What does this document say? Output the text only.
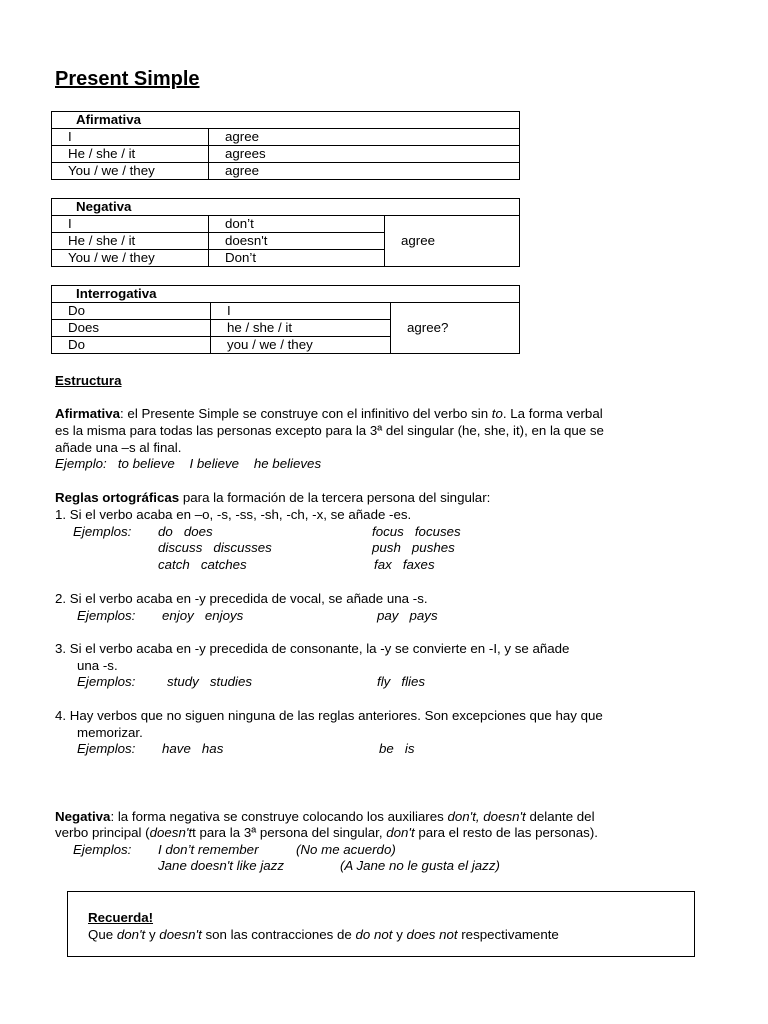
Present Simple
Afirmativa	
I	agree
He / she / it	agrees
You / we / they	agree
Negativa		
I	don’t	agree
He / she / it	doesn't	
You / we / they	Don’t	
Interrogativa		
Do	I	agree?
Does	he / she / it	
Do	you / we / they	
Estructura
Afirmativa: el Presente Simple se construye con el infinitivo del verbo sin to. La forma verbal
es la misma para todas las personas excepto para la 3ª del singular (he, she, it), en la que se
añade una –s al final.
Ejemplo:   to believe    I believe    he believes
Reglas ortográficas para la formación de la tercera persona del singular:
1. Si el verbo acaba en –o, -s, -ss, -sh, -ch, -x, se añade -es.
Ejemplos: do   does	focus   focuses
discuss   discusses	push   pushes
catch   catches	fax   faxes
2. Si el verbo acaba en -y precedida de vocal, se añade una -s.
Ejemplos: enjoy   enjoys	pay   pays
3. Si el verbo acaba en -y precedida de consonante, la -y se convierte en -I, y se añade
una -s.
Ejemplos: study   studies	fly   flies
4. Hay verbos que no siguen ninguna de las reglas anteriores. Son excepciones que hay que
memorizar.
Ejemplos: have   has	be   is
Negativa: la forma negativa se construye colocando los auxiliares don't, doesn't delante del
verbo principal (doesn'tt para la 3ª persona del singular, don't para el resto de las personas).
Ejemplos: I don’t remember	(No me acuerdo)
Jane doesn't like jazz	(A Jane no le gusta el jazz)
Recuerda!
Que don't y doesn't son las contracciones de do not y does not respectivamente
